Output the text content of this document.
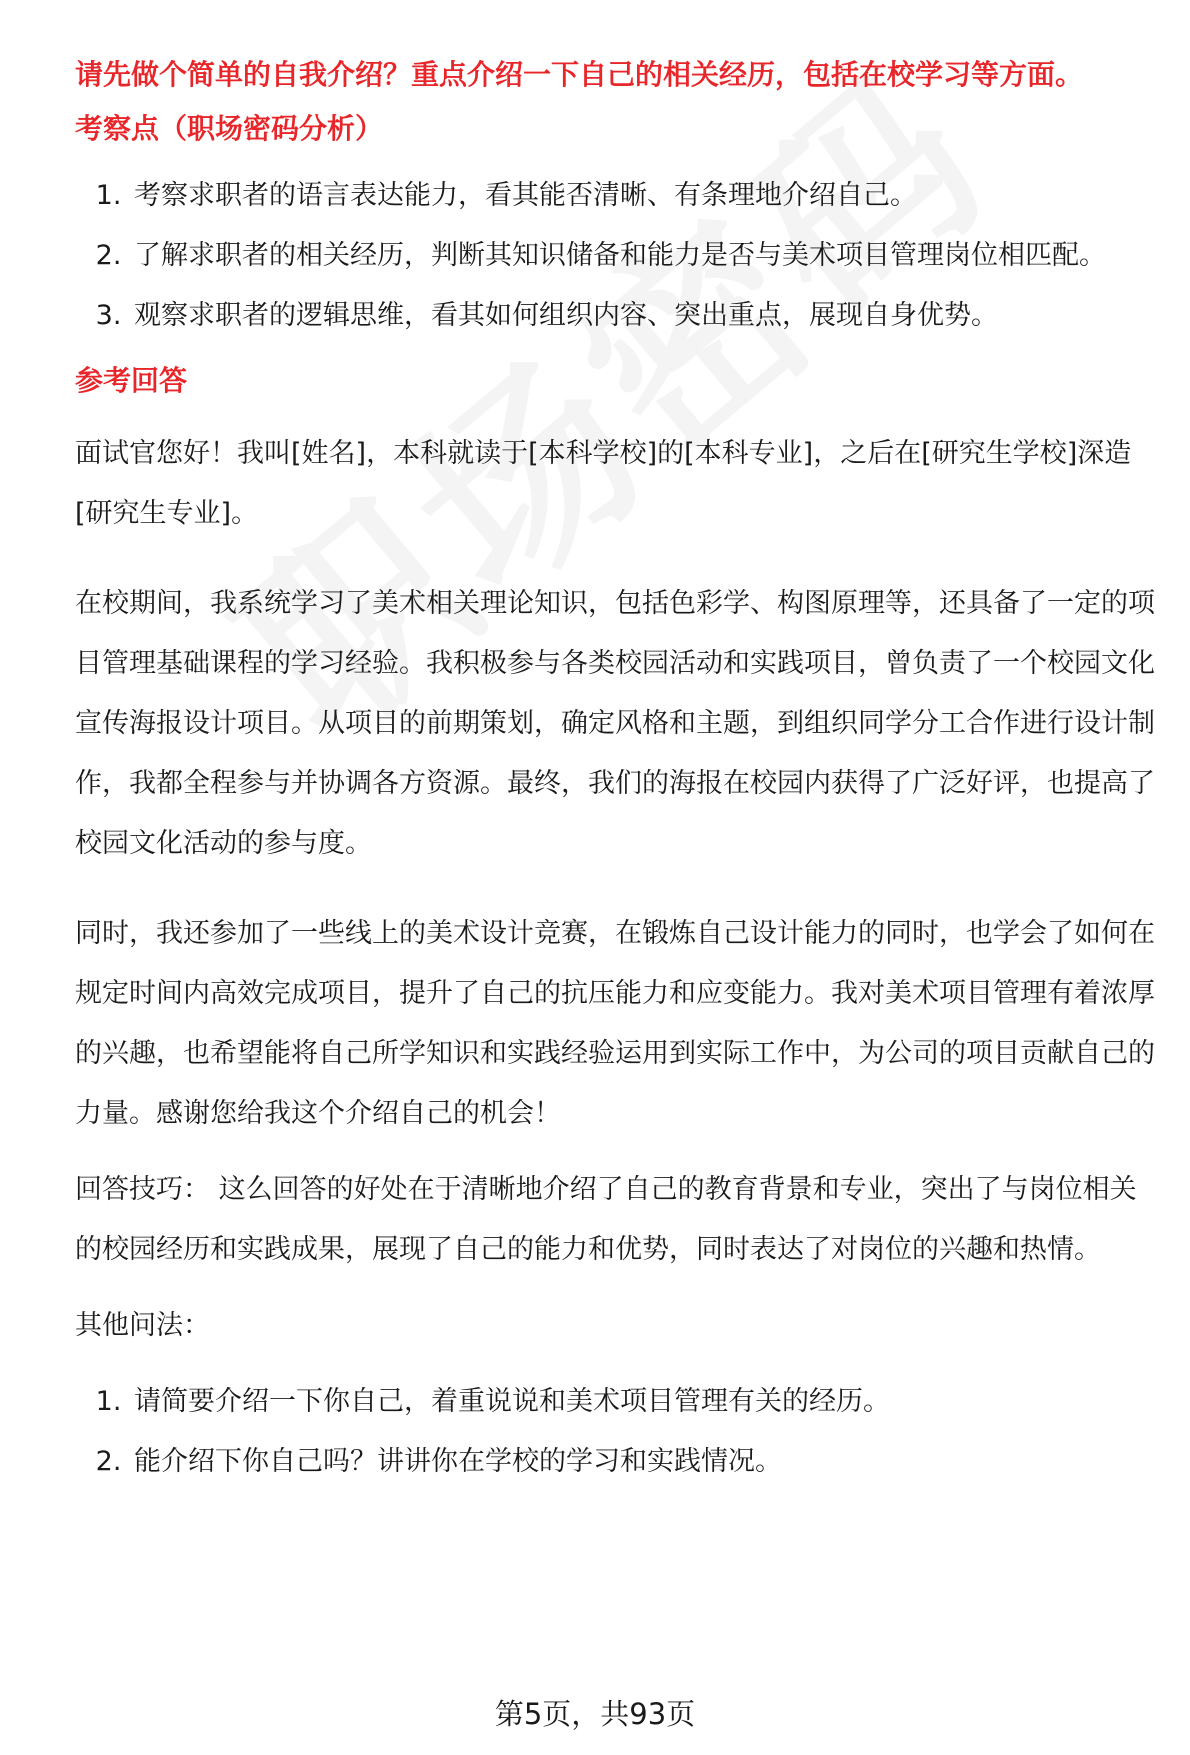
请先做个简单的自我介绍？重点介绍一下自己的相关经历，包括在校学习等方面。
考察点（职场密码分析）
1. 考察求职者的语言表达能力，看其能否清晰、有条理地介绍自己。
2. 了解求职者的相关经历，判断其知识储备和能力是否与美术项目管理岗位相匹配。
3. 观察求职者的逻辑思维，看其如何组织内容、突出重点，展现自身优势。
参考回答

面试官您好！我叫[姓名]，本科就读于[本科学校]的[本科专业]，之后在[研究生学校]深造[研究生专业]。

在校期间，我系统学习了美术相关理论知识，包括色彩学、构图原理等，还具备了一定的项目管理基础课程的学习经验。我积极参与各类校园活动和实践项目，曾负责了一个校园文化宣传海报设计项目。从项目的前期策划，确定风格和主题，到组织同学分工合作进行设计制作，我都全程参与并协调各方资源。最终，我们的海报在校园内获得了广泛好评，也提高了校园文化活动的参与度。

同时，我还参加了一些线上的美术设计竞赛，在锻炼自己设计能力的同时，也学会了如何在规定时间内高效完成项目，提升了自己的抗压能力和应变能力。我对美术项目管理有着浓厚的兴趣，也希望能将自己所学知识和实践经验运用到实际工作中，为公司的项目贡献自己的力量。感谢您给我这个介绍自己的机会！

回答技巧： 这么回答的好处在于清晰地介绍了自己的教育背景和专业，突出了与岗位相关的校园经历和实践成果，展现了自己的能力和优势，同时表达了对岗位的兴趣和热情。

其他问法：

1. 请简要介绍一下你自己，着重说说和美术项目管理有关的经历。
2. 能介绍下你自己吗？讲讲你在学校的学习和实践情况。
第5页，共93页
